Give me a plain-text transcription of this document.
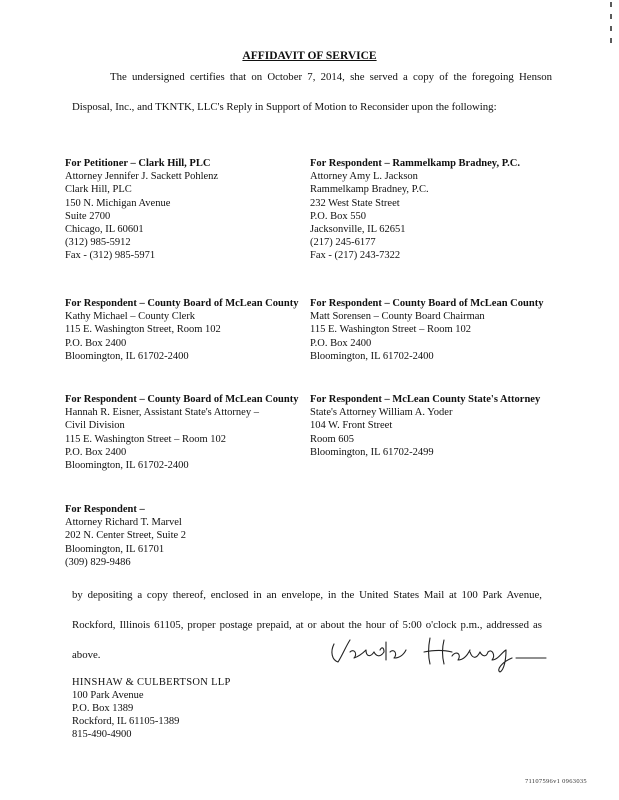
AFFIDAVIT OF SERVICE
The undersigned certifies that on October 7, 2014, she served a copy of the foregoing Henson Disposal, Inc., and TKNTK, LLC's Reply in Support of Motion to Reconsider upon the following:
For Petitioner – Clark Hill, PLC
Attorney Jennifer J. Sackett Pohlenz
Clark Hill, PLC
150 N. Michigan Avenue
Suite 2700
Chicago, IL 60601
(312) 985-5912
Fax - (312) 985-5971
For Respondent – Rammelkamp Bradney, P.C.
Attorney Amy L. Jackson
Rammelkamp Bradney, P.C.
232 West State Street
P.O. Box 550
Jacksonville, IL 62651
(217) 245-6177
Fax - (217) 243-7322
For Respondent – County Board of McLean County
Kathy Michael – County Clerk
115 E. Washington Street, Room 102
P.O. Box 2400
Bloomington, IL 61702-2400
For Respondent – County Board of McLean County
Matt Sorensen – County Board Chairman
115 E. Washington Street – Room 102
P.O. Box 2400
Bloomington, IL 61702-2400
For Respondent – County Board of McLean County
Hannah R. Eisner, Assistant State's Attorney –
Civil Division
115 E. Washington Street – Room 102
P.O. Box 2400
Bloomington, IL 61702-2400
For Respondent – McLean County State's Attorney
State's Attorney William A. Yoder
104 W. Front Street
Room 605
Bloomington, IL 61702-2499
For Respondent –
Attorney Richard T. Marvel
202 N. Center Street, Suite 2
Bloomington, IL 61701
(309) 829-9486
by depositing a copy thereof, enclosed in an envelope, in the United States Mail at 100 Park Avenue, Rockford, Illinois 61105, proper postage prepaid, at or about the hour of 5:00 o'clock p.m., addressed as above.
HINSHAW & CULBERTSON LLP
100 Park Avenue
P.O. Box 1389
Rockford, IL 61105-1389
815-490-4900
71107596v1 0963035
